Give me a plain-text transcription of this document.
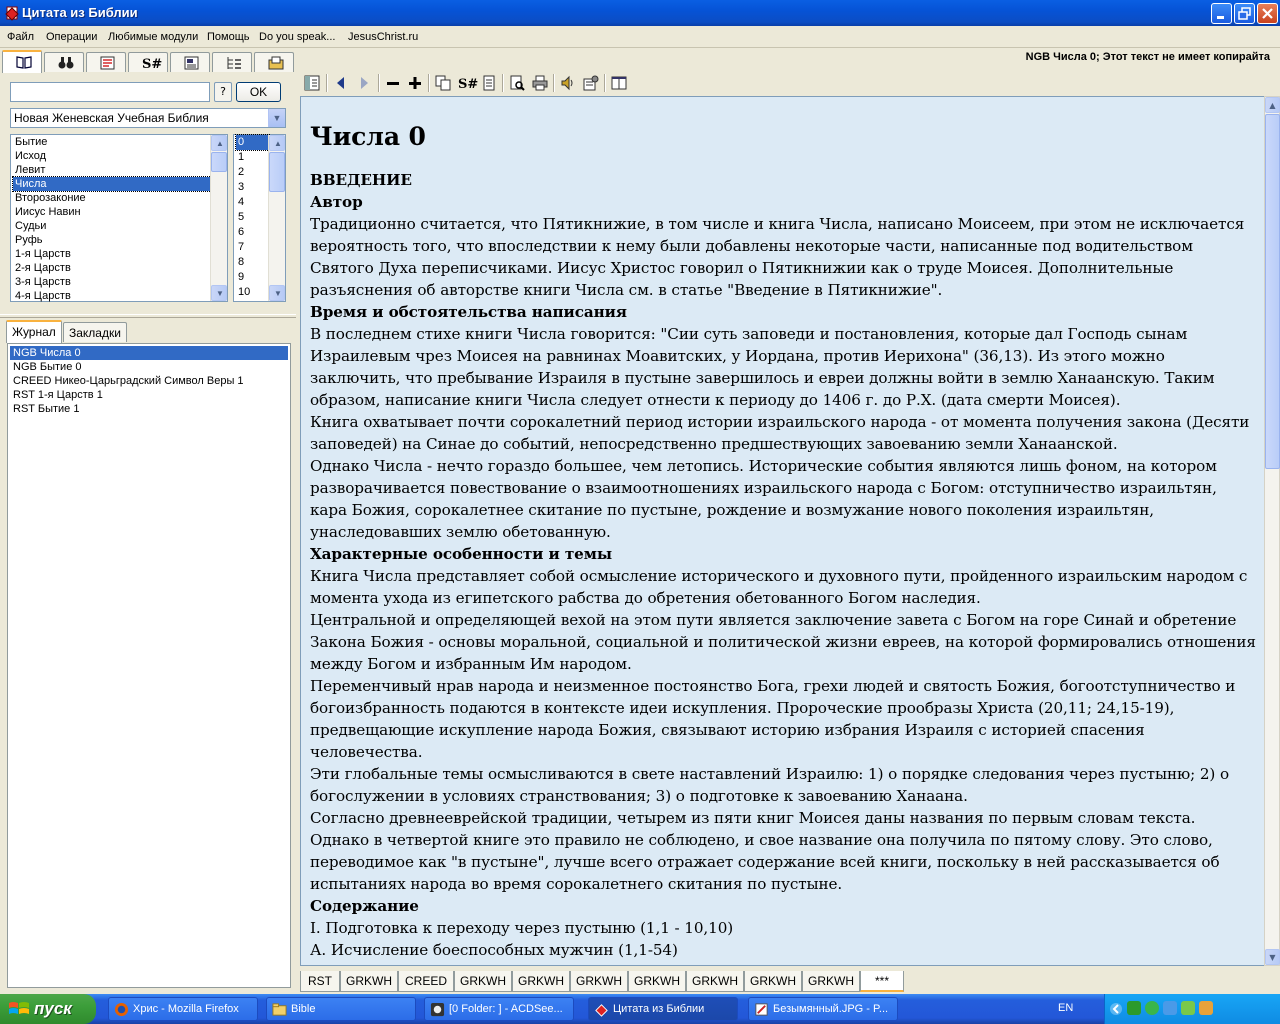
Цитата из Библии
Файл Операции Любимые модули Помощь Do you speak... JesusChrist.ru
S#
?	OK
Новая Женевская Учебная Библия	▼
Бытие
Исход
Левит
Числа
Второзаконие
Иисус Навин
Судьи
Руфь
1-я Царств
2-я Царств
3-я Царств
4-я Царств
▲
▼
0
1
2
3
4
5
6
7
8
9
10
▲
▼
Журнал	Закладки
NGB Числа 0
NGB Бытие 0
CREED Никео-Царьградский Символ Веры 1
RST 1-я Царств 1
RST Бытие 1
NGB Числа 0; Этот текст не имеет копирайта
S#
Числа 0
ВВЕДЕНИЕ
Автор
Традиционно считается, что Пятикнижие, в том числе и книга Числа, написано Моисеем, при этом не исключается вероятность того, что впоследствии к нему были добавлены некоторые части, написанные под водительством Святого Духа переписчиками. Иисус Христос говорил о Пятикнижии как о труде Моисея. Дополнительные разъяснения об авторстве книги Числа см. в статье "Введение в Пятикнижие".
Время и обстоятельства написания
В последнем стихе книги Числа говорится: "Сии суть заповеди и постановления, которые дал Господь сынам Израилевым чрез Моисея на равнинах Моавитских, у Иордана, против Иерихона" (36,13). Из этого можно заключить, что пребывание Израиля в пустыне завершилось и евреи должны войти в землю Ханаанскую. Таким образом, написание книги Числа следует отнести к периоду до 1406 г. до Р.Х. (дата смерти Моисея).
Книга охватывает почти сорокалетний период истории израильского народа - от момента получения закона (Десяти заповедей) на Синае до событий, непосредственно предшествующих завоеванию земли Ханаанской.
Однако Числа - нечто гораздо большее, чем летопись. Исторические события являются лишь фоном, на котором разворачивается повествование о взаимоотношениях израильского народа с Богом: отступничество израильтян, кара Божия, сорокалетнее скитание по пустыне, рождение и возмужание нового поколения израильтян, унаследовавших землю обетованную.
Характерные особенности и темы
Книга Числа представляет собой осмысление исторического и духовного пути, пройденного израильским народом с момента ухода из египетского рабства до обретения обетованного Богом наследия.
Центральной и определяющей вехой на этом пути является заключение завета с Богом на горе Синай и обретение Закона Божия - основы моральной, социальной и политической жизни евреев, на которой формировались отношения между Богом и избранным Им народом.
Переменчивый нрав народа и неизменное постоянство Бога, грехи людей и святость Божия, богоотступничество и богоизбранность подаются в контексте идеи искупления. Пророческие прообразы Христа (20,11; 24,15-19), предвещающие искупление народа Божия, связывают историю избрания Израиля с историей спасения человечества.
Эти глобальные темы осмысливаются в свете наставлений Израилю: 1) о порядке следования через пустыню; 2) о богослужении в условиях странствования; 3) о подготовке к завоеванию Ханаана.
Согласно древнееврейской традиции, четырем из пяти книг Моисея даны названия по первым словам текста. Однако в четвертой книге это правило не соблюдено, и свое название она получила по пятому слову. Это слово, переводимое как "в пустыне", лучше всего отражает содержание всей книги, поскольку в ней рассказывается об испытаниях народа во время сорокалетнего скитания по пустыне.
Содержание
I. Подготовка к переходу через пустыню (1,1 - 10,10)
А. Исчисление боеспособных мужчин (1,1-54)
▲
▼
RST	GRKWH	CREED	GRKWH	GRKWH	GRKWH	GRKWH	GRKWH	GRKWH	GRKWH	***
пуск	Хрис - Mozilla Firefox	Bible	[0 Folder: ] - ACDSee...	Цитата из Библии	Безымянный.JPG - P...	EN
